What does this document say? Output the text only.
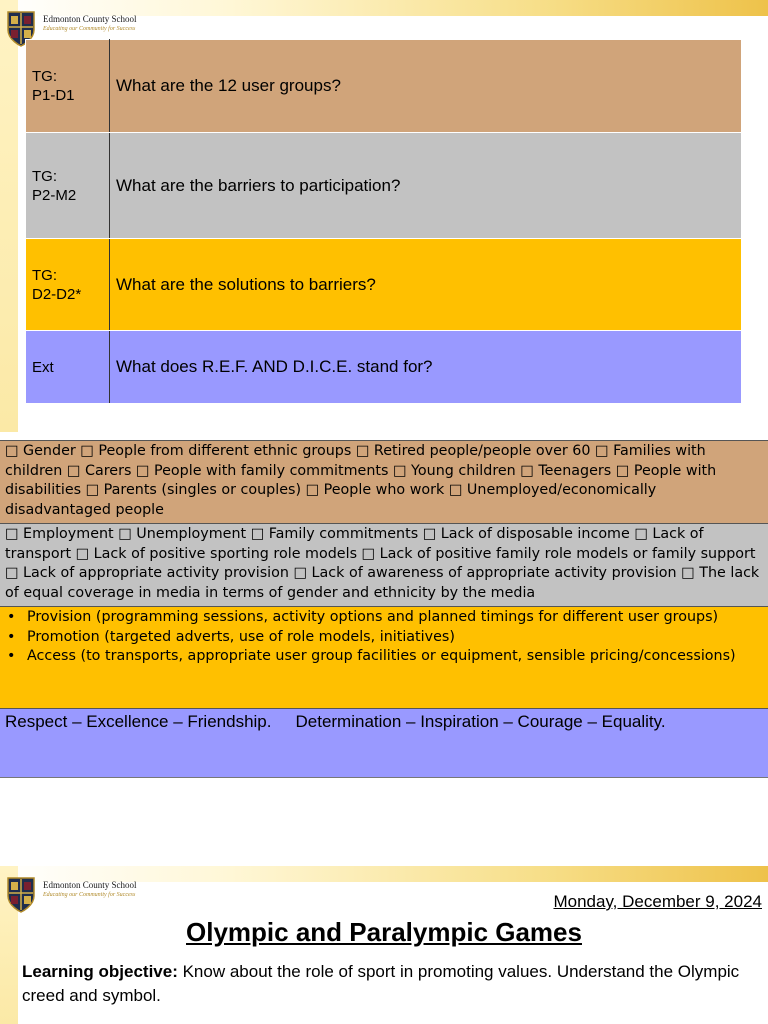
Edmonton County School
Educating our Community for Success
TG:
P1-D1	What are the 12 user groups?
TG:
P2-M2	What are the barriers to participation?
TG:
D2-D2*	What are the solutions to barriers?
Ext	What does R.E.F. AND D.I.C.E. stand for?
□ Gender □ People from different ethnic groups □ Retired people/people over 60 □ Families with children □ Carers □ People with family commitments □ Young children □ Teenagers □ People with disabilities □ Parents (singles or couples) □ People who work □ Unemployed/economically disadvantaged people
□ Employment □ Unemployment □ Family commitments □ Lack of disposable income □ Lack of transport □ Lack of positive sporting role models □ Lack of positive family role models or family support □ Lack of appropriate activity provision □ Lack of awareness of appropriate activity provision □ The lack of equal coverage in media in terms of gender and ethnicity by the media
• Provision (programming sessions, activity options and planned timings for different user groups)
• Promotion (targeted adverts, use of role models, initiatives)
• Access (to transports, appropriate user group facilities or equipment, sensible pricing/concessions)
Respect – Excellence – Friendship. Determination – Inspiration – Courage – Equality.
Edmonton County School
Educating our Community for Success	Monday, December 9, 2024
Olympic and Paralympic Games
Learning objective: Know about the role of sport in promoting values. Understand the Olympic creed and symbol.
